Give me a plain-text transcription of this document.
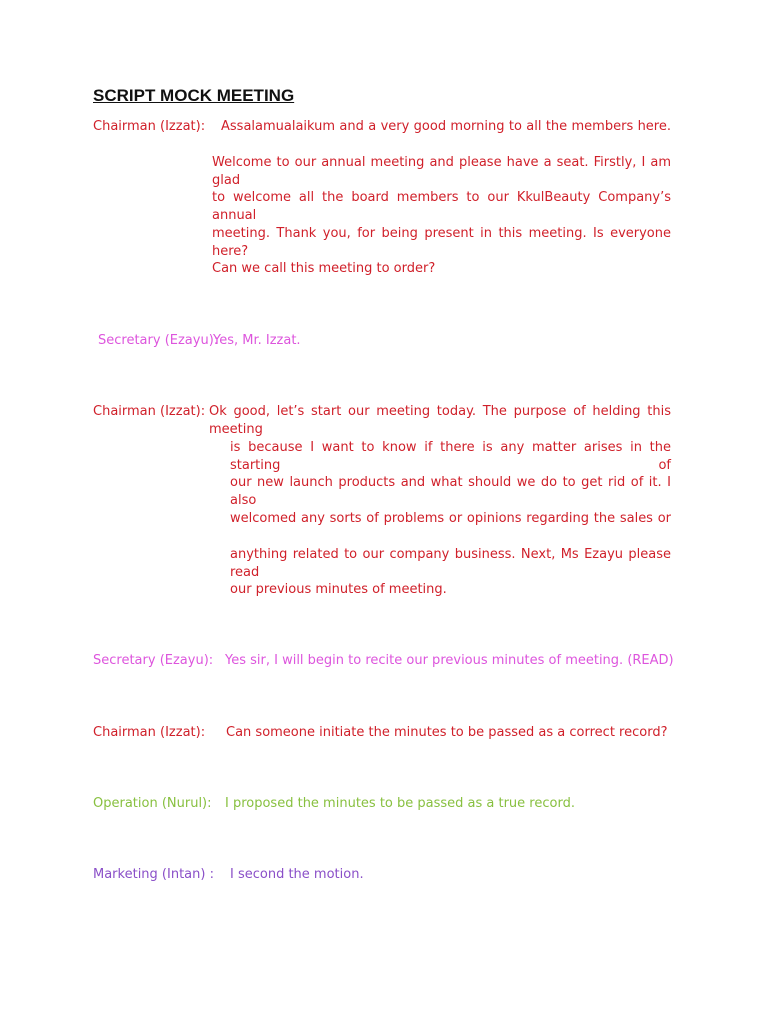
SCRIPT MOCK MEETING
Chairman (Izzat): Assalamualaikum and a very good morning to all the members here.
Welcome to our annual meeting and please have a seat. Firstly, I am glad
to welcome all the board members to our KkulBeauty Company’s annual
meeting. Thank you, for being present in this meeting. Is everyone here?
Can we call this meeting to order?
Secretary (Ezayu):
Yes, Mr. Izzat.
Chairman (Izzat): Ok good, let’s start our meeting today. The purpose of helding this meeting
is because I want to know if there is any matter arises in the starting of
our new launch products and what should we do to get rid of it. I also
welcomed any sorts of problems or opinions regarding the sales or
anything related to our company business. Next, Ms Ezayu please read
our previous minutes of meeting.
Secretary (Ezayu): Yes sir, I will begin to recite our previous minutes of meeting. (READ)
Chairman (Izzat): Can someone initiate the minutes to be passed as a correct record?
Operation (Nurul): I proposed the minutes to be passed as a true record.
Marketing (Intan) : I second the motion.
